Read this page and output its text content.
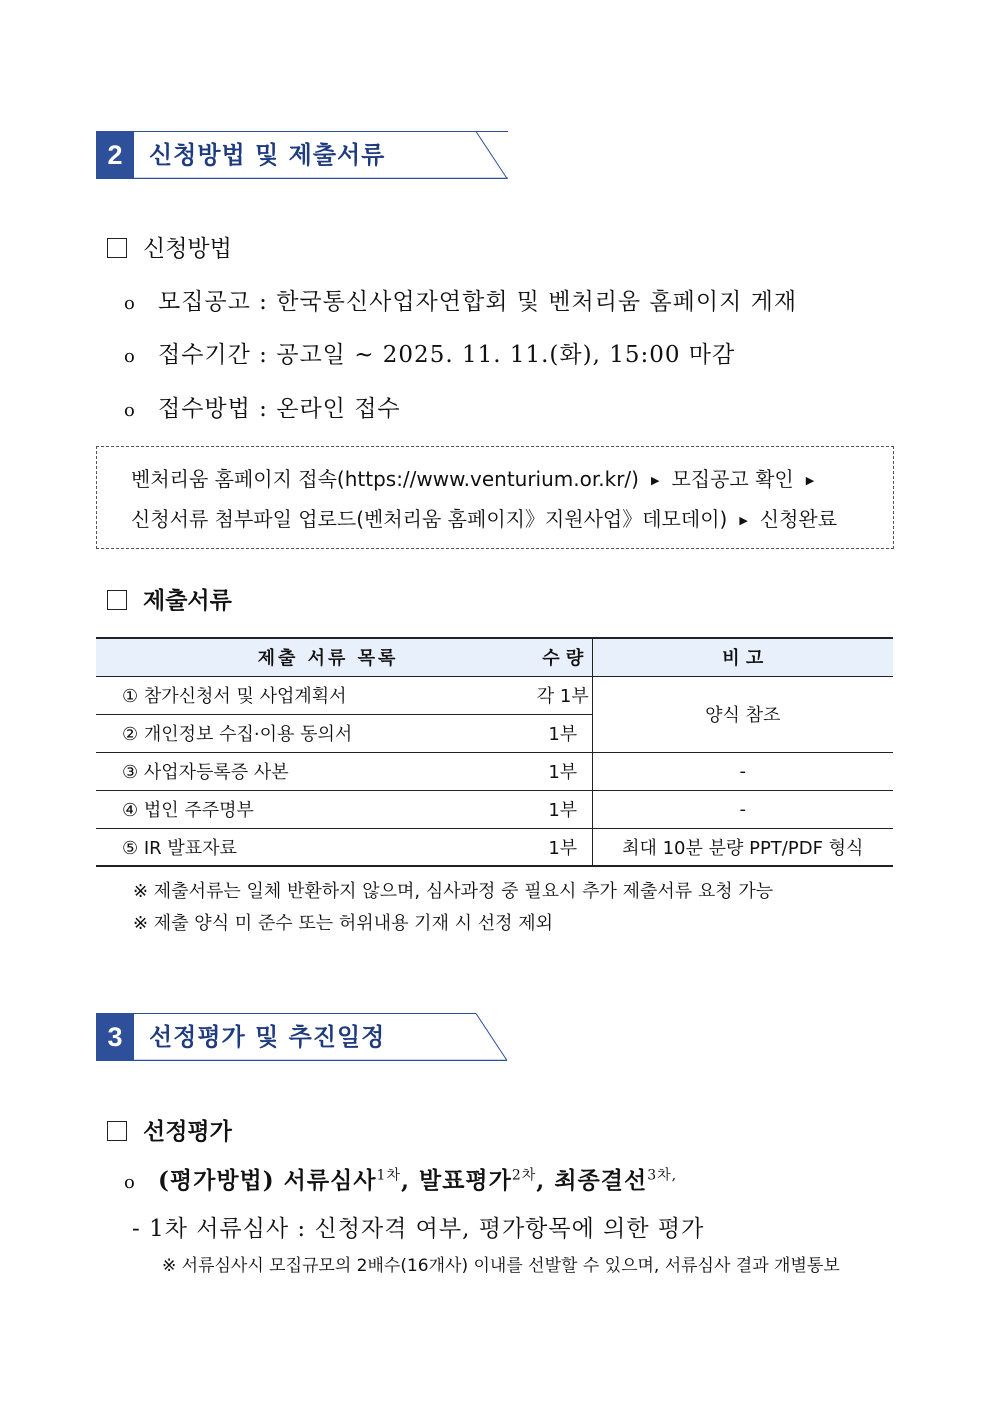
2	신청방법 및 제출서류
신청방법
o 모집공고 : 한국통신사업자연합회 및 벤처리움 홈페이지 게재
o 접수기간 : 공고일 ~ 2025. 11. 11.(화), 15:00 마감
o 접수방법 : 온라인 접수
벤처리움 홈페이지 접속(https://www.venturium.or.kr/) ▶ 모집공고 확인 ▶
신청서류 첨부파일 업로드(벤처리움 홈페이지》지원사업》데모데이) ▶ 신청완료
제출서류
제출 서류 목록	수 량	비 고
① 참가신청서 및 사업계획서	각 1부	양식 참조
② 개인정보 수집·이용 동의서	1부	
③ 사업자등록증 사본	1부	-
④ 법인 주주명부	1부	-
⑤ IR 발표자료	1부	최대 10분 분량 PPT/PDF 형식
※ 제출서류는 일체 반환하지 않으며, 심사과정 중 필요시 추가 제출서류 요청 가능
※ 제출 양식 미 준수 또는 허위내용 기재 시 선정 제외
3	선정평가 및 추진일정
선정평가
o (평가방법) 서류심사$^{1차}$, 발표평가$^{2차}$, 최종결선$^{3차,}$
- 1차 서류심사 : 신청자격 여부, 평가항목에 의한 평가
※ 서류심사시 모집규모의 2배수(16개사) 이내를 선발할 수 있으며, 서류심사 결과 개별통보
